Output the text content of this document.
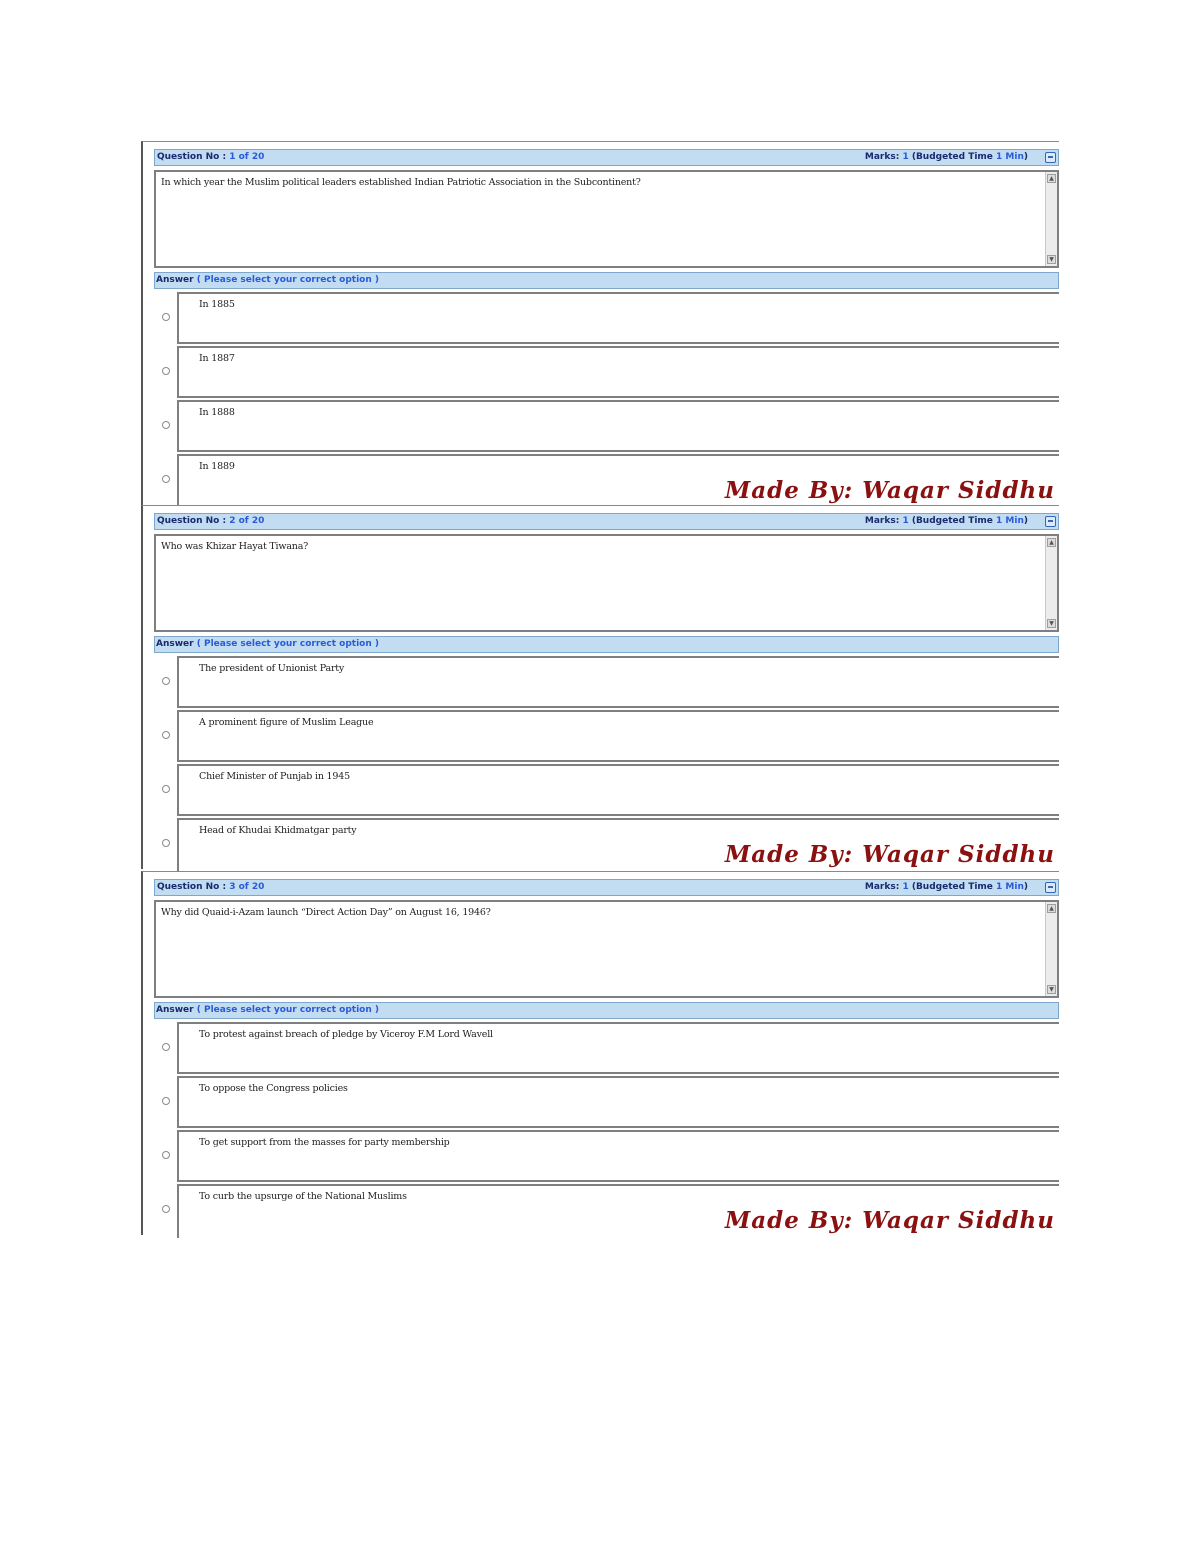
Question No : 1 of 20	Marks: 1 (Budgeted Time 1 Min)
In which year the Muslim political leaders established Indian Patriotic Association in the Subcontinent?	▲
▼
Answer ( Please select your correct option )
In 1885
In 1887
In 1888
In 1889
Made By: Waqar Siddhu
Question No : 2 of 20	Marks: 1 (Budgeted Time 1 Min)
Who was Khizar Hayat Tiwana?	▲
▼
Answer ( Please select your correct option )
The president of Unionist Party
A prominent figure of Muslim League
Chief Minister of Punjab in 1945
Head of Khudai Khidmatgar party
Made By: Waqar Siddhu
Question No : 3 of 20	Marks: 1 (Budgeted Time 1 Min)
Why did Quaid-i-Azam launch “Direct Action Day” on August 16, 1946?	▲
▼
Answer ( Please select your correct option )
To protest against breach of pledge by Viceroy F.M Lord Wavell
To oppose the Congress policies
To get support from the masses for party membership
To curb the upsurge of the National Muslims
Made By: Waqar Siddhu
